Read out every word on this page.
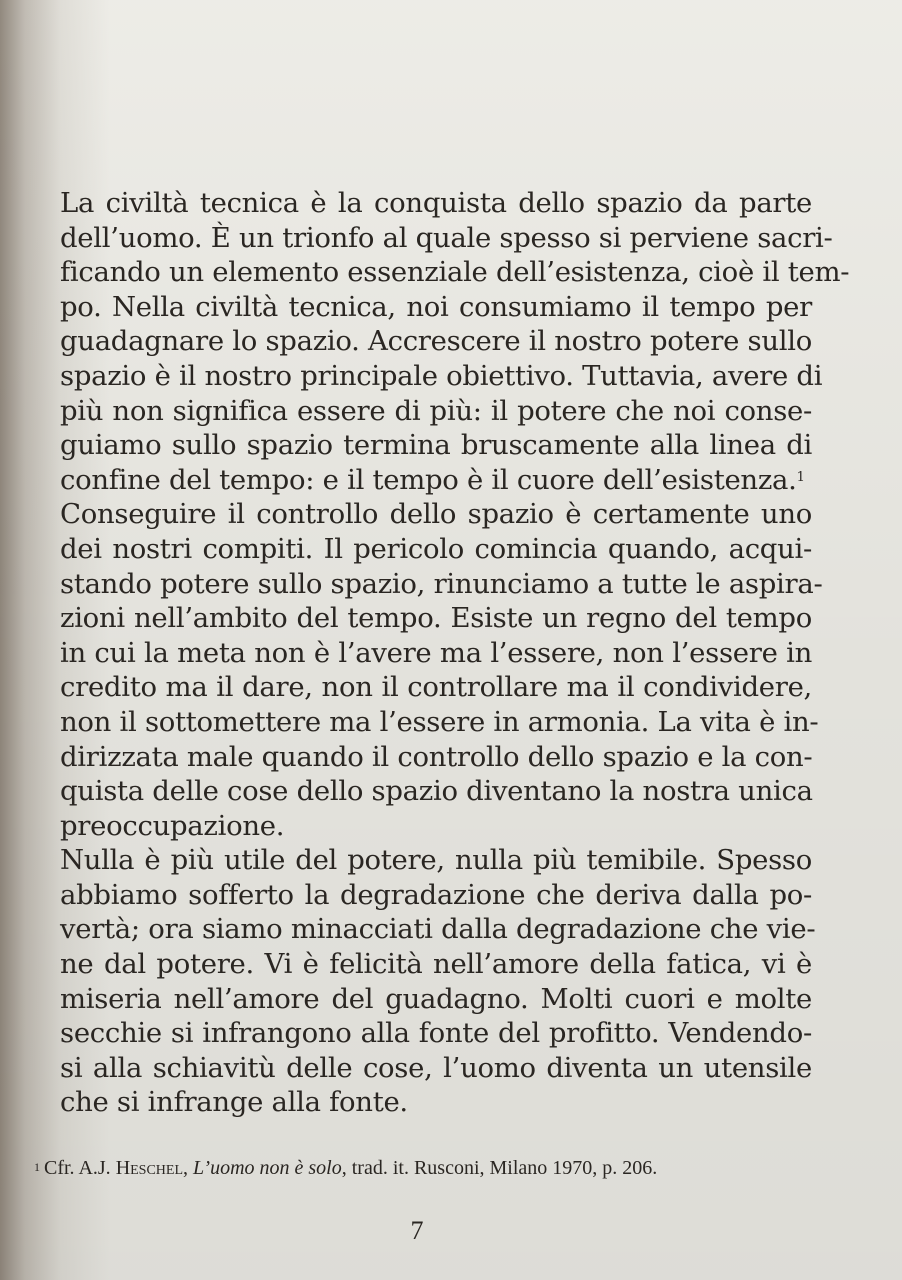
La civiltà tecnica è la conquista dello spazio da parte
dell’uomo. È un trionfo al quale spesso si perviene sacri-
ficando un elemento essenziale dell’esistenza, cioè il tem-
po. Nella civiltà tecnica, noi consumiamo il tempo per
guadagnare lo spazio. Accrescere il nostro potere sullo
spazio è il nostro principale obiettivo. Tuttavia, avere di
più non significa essere di più: il potere che noi conse-
guiamo sullo spazio termina bruscamente alla linea di
confine del tempo: e il tempo è il cuore dell’esistenza.$^1$
Conseguire il controllo dello spazio è certamente uno
dei nostri compiti. Il pericolo comincia quando, acqui-
stando potere sullo spazio, rinunciamo a tutte le aspira-
zioni nell’ambito del tempo. Esiste un regno del tempo
in cui la meta non è l’avere ma l’essere, non l’essere in
credito ma il dare, non il controllare ma il condividere,
non il sottomettere ma l’essere in armonia. La vita è in-
dirizzata male quando il controllo dello spazio e la con-
quista delle cose dello spazio diventano la nostra unica
preoccupazione.
Nulla è più utile del potere, nulla più temibile. Spesso
abbiamo sofferto la degradazione che deriva dalla po-
vertà; ora siamo minacciati dalla degradazione che vie-
ne dal potere. Vi è felicità nell’amore della fatica, vi è
miseria nell’amore del guadagno. Molti cuori e molte
secchie si infrangono alla fonte del profitto. Vendendo-
si alla schiavitù delle cose, l’uomo diventa un utensile
che si infrange alla fonte.
$^1$ Cfr. A.J. Heschel, L’uomo non è solo, trad. it. Rusconi, Milano 1970, p. 206.
7
